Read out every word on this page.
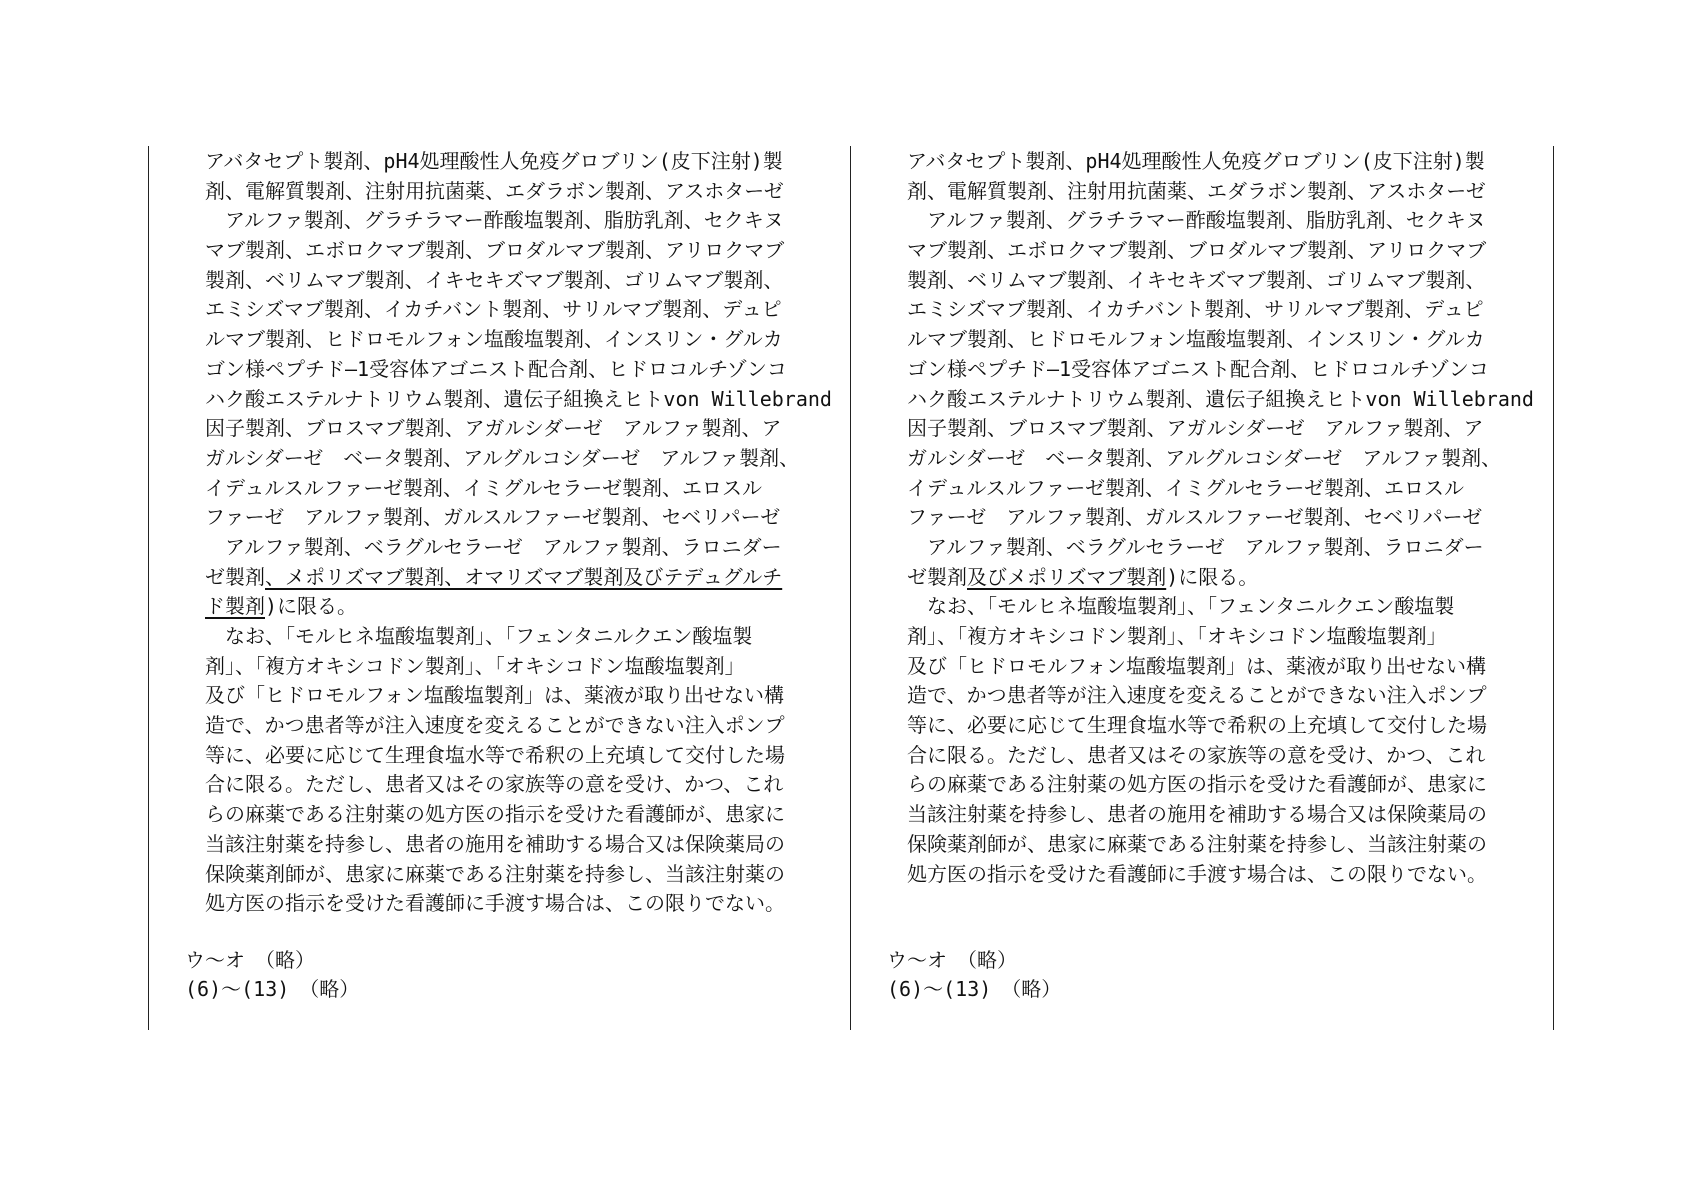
アバタセプト製剤、pH4処理酸性人免疫グロブリン(皮下注射)製
剤、電解質製剤、注射用抗菌薬、エダラボン製剤、アスホターゼ
　アルファ製剤、グラチラマー酢酸塩製剤、脂肪乳剤、セクキヌ
マブ製剤、エボロクマブ製剤、ブロダルマブ製剤、アリロクマブ
製剤、ベリムマブ製剤、イキセキズマブ製剤、ゴリムマブ製剤、
エミシズマブ製剤、イカチバント製剤、サリルマブ製剤、デュピ
ルマブ製剤、ヒドロモルフォン塩酸塩製剤、インスリン・グルカ
ゴン様ペプチド―1受容体アゴニスト配合剤、ヒドロコルチゾンコ
ハク酸エステルナトリウム製剤、遺伝子組換えヒトvon Willebrand
因子製剤、ブロスマブ製剤、アガルシダーゼ　アルファ製剤、ア
ガルシダーゼ　ベータ製剤、アルグルコシダーゼ　アルファ製剤、
イデュルスルファーゼ製剤、イミグルセラーゼ製剤、エロスル
ファーゼ　アルファ製剤、ガルスルファーゼ製剤、セベリパーゼ
　アルファ製剤、ベラグルセラーゼ　アルファ製剤、ラロニダー
ゼ製剤、メポリズマブ製剤、オマリズマブ製剤及びテデュグルチ
ド製剤)に限る。
　なお、「モルヒネ塩酸塩製剤」、「フェンタニルクエン酸塩製
剤」、「複方オキシコドン製剤」、「オキシコドン塩酸塩製剤」
及び「ヒドロモルフォン塩酸塩製剤」は、薬液が取り出せない構
造で、かつ患者等が注入速度を変えることができない注入ポンプ
等に、必要に応じて生理食塩水等で希釈の上充填して交付した場
合に限る。ただし、患者又はその家族等の意を受け、かつ、これ
らの麻薬である注射薬の処方医の指示を受けた看護師が、患家に
当該注射薬を持参し、患者の施用を補助する場合又は保険薬局の
保険薬剤師が、患家に麻薬である注射薬を持参し、当該注射薬の
処方医の指示を受けた看護師に手渡す場合は、この限りでない。
ウ～オ　（略）
(6)～(13)　（略）
アバタセプト製剤、pH4処理酸性人免疫グロブリン(皮下注射)製
剤、電解質製剤、注射用抗菌薬、エダラボン製剤、アスホターゼ
　アルファ製剤、グラチラマー酢酸塩製剤、脂肪乳剤、セクキヌ
マブ製剤、エボロクマブ製剤、ブロダルマブ製剤、アリロクマブ
製剤、ベリムマブ製剤、イキセキズマブ製剤、ゴリムマブ製剤、
エミシズマブ製剤、イカチバント製剤、サリルマブ製剤、デュピ
ルマブ製剤、ヒドロモルフォン塩酸塩製剤、インスリン・グルカ
ゴン様ペプチド―1受容体アゴニスト配合剤、ヒドロコルチゾンコ
ハク酸エステルナトリウム製剤、遺伝子組換えヒトvon Willebrand
因子製剤、ブロスマブ製剤、アガルシダーゼ　アルファ製剤、ア
ガルシダーゼ　ベータ製剤、アルグルコシダーゼ　アルファ製剤、
イデュルスルファーゼ製剤、イミグルセラーゼ製剤、エロスル
ファーゼ　アルファ製剤、ガルスルファーゼ製剤、セベリパーゼ
　アルファ製剤、ベラグルセラーゼ　アルファ製剤、ラロニダー
ゼ製剤及びメポリズマブ製剤)に限る。
　なお、「モルヒネ塩酸塩製剤」、「フェンタニルクエン酸塩製
剤」、「複方オキシコドン製剤」、「オキシコドン塩酸塩製剤」
及び「ヒドロモルフォン塩酸塩製剤」は、薬液が取り出せない構
造で、かつ患者等が注入速度を変えることができない注入ポンプ
等に、必要に応じて生理食塩水等で希釈の上充填して交付した場
合に限る。ただし、患者又はその家族等の意を受け、かつ、これ
らの麻薬である注射薬の処方医の指示を受けた看護師が、患家に
当該注射薬を持参し、患者の施用を補助する場合又は保険薬局の
保険薬剤師が、患家に麻薬である注射薬を持参し、当該注射薬の
処方医の指示を受けた看護師に手渡す場合は、この限りでない。
ウ～オ　（略）
(6)～(13)　（略）
